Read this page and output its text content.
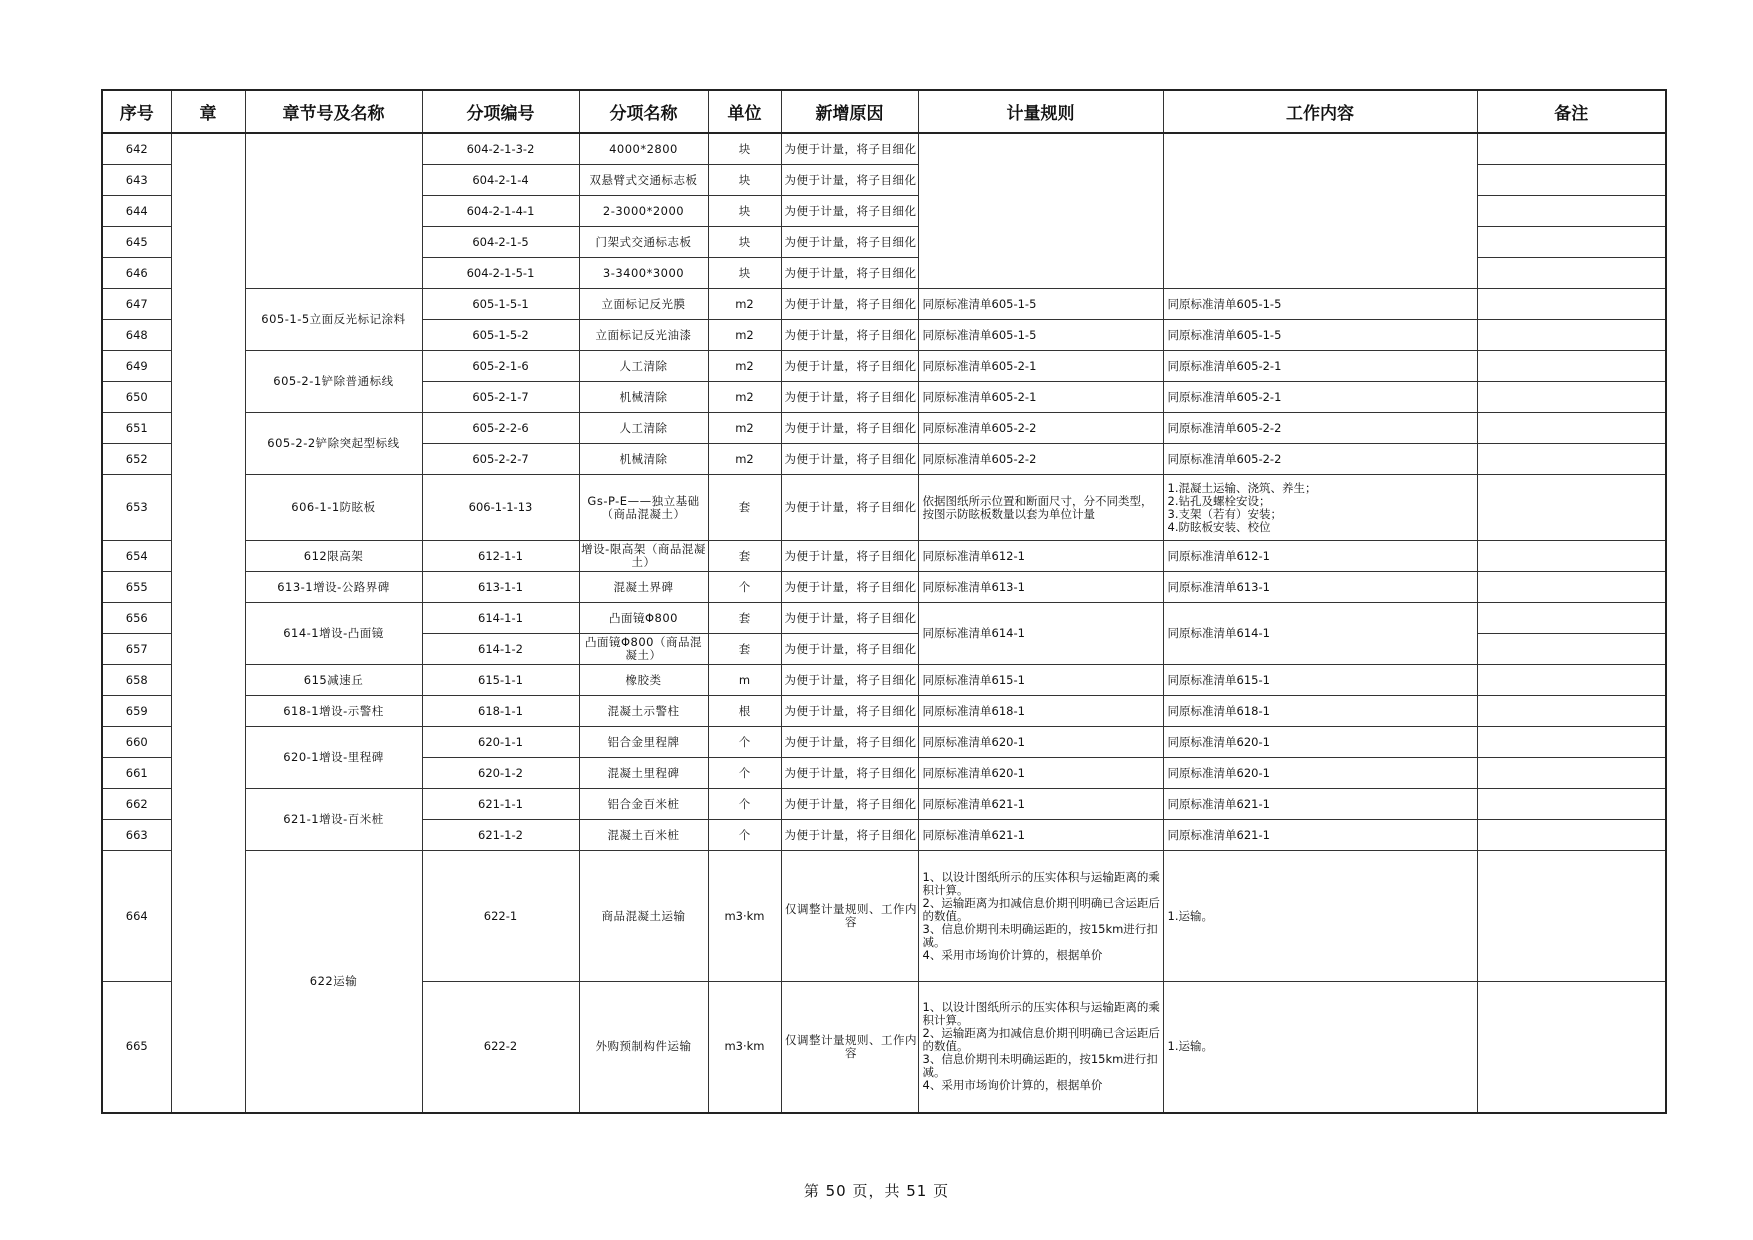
序号	章	章节号及名称	分项编号	分项名称	单位	新增原因	计量规则	工作内容	备注
642			604-2-1-3-2	4000*2800	块	为便于计量，将子目细化			

643			604-2-1-4	双悬臂式交通标志板	块	为便于计量，将子目细化			

644			604-2-1-4-1	2-3000*2000	块	为便于计量，将子目细化			

645			604-2-1-5	门架式交通标志板	块	为便于计量，将子目细化			

646			604-2-1-5-1	3-3400*3000	块	为便于计量，将子目细化			

647		605-1-5立面反光标记涂料	605-1-5-1	立面标记反光膜	m2	为便于计量，将子目细化	同原标准清单605-1-5	同原标准清单605-1-5	
648			605-1-5-2	立面标记反光油漆	m2	为便于计量，将子目细化	同原标准清单605-1-5	同原标准清单605-1-5	
649		605-2-1铲除普通标线	605-2-1-6	人工清除	m2	为便于计量，将子目细化	同原标准清单605-2-1	同原标准清单605-2-1	
650			605-2-1-7	机械清除	m2	为便于计量，将子目细化	同原标准清单605-2-1	同原标准清单605-2-1	
651		605-2-2铲除突起型标线	605-2-2-6	人工清除	m2	为便于计量，将子目细化	同原标准清单605-2-2	同原标准清单605-2-2	
652			605-2-2-7	机械清除	m2	为便于计量，将子目细化	同原标准清单605-2-2	同原标准清单605-2-2	
653		606-1-1防眩板	606-1-1-13	Gs-P-E——独立基础（商品混凝土）	套	为便于计量，将子目细化	依据图纸所示位置和断面尺寸，分不同类型，按图示防眩板数量以套为单位计量	1.混凝土运输、浇筑、养生；
2.钻孔及螺栓安设；
3.支架（若有）安装；
4.防眩板安装、校位	

654		612限高架	612-1-1	增设-限高架（商品混凝土）	套	为便于计量，将子目细化	同原标准清单612-1	同原标准清单612-1	
655		613-1增设-公路界碑	613-1-1	混凝土界碑	个	为便于计量，将子目细化	同原标准清单613-1	同原标准清单613-1	
656		614-1增设-凸面镜	614-1-1	凸面镜Φ800	套	为便于计量，将子目细化	同原标准清单614-1	同原标准清单614-1	
657			614-1-2	凸面镜Φ800（商品混凝土）	套	为便于计量，将子目细化			

658		615减速丘	615-1-1	橡胶类	m	为便于计量，将子目细化	同原标准清单615-1	同原标准清单615-1	
659		618-1增设-示警柱	618-1-1	混凝土示警柱	根	为便于计量，将子目细化	同原标准清单618-1	同原标准清单618-1	
660		620-1增设-里程碑	620-1-1	铝合金里程牌	个	为便于计量，将子目细化	同原标准清单620-1	同原标准清单620-1	
661			620-1-2	混凝土里程碑	个	为便于计量，将子目细化	同原标准清单620-1	同原标准清单620-1	
662		621-1增设-百米桩	621-1-1	铝合金百米桩	个	为便于计量，将子目细化	同原标准清单621-1	同原标准清单621-1	
663			621-1-2	混凝土百米桩	个	为便于计量，将子目细化	同原标准清单621-1	同原标准清单621-1	
664		622运输	622-1	商品混凝土运输	m3·km	仅调整计量规则、工作内容	1、以设计图纸所示的压实体积与运输距离的乘积计算。
2、运输距离为扣减信息价期刊明确已含运距后的数值。
3、信息价期刊未明确运距的，按15km进行扣减。
4、采用市场询价计算的，根据单价	1.运输。	
665			622-2	外购预制构件运输	m3·km	仅调整计量规则、工作内容	1、以设计图纸所示的压实体积与运输距离的乘积计算。
2、运输距离为扣减信息价期刊明确已含运距后的数值。
3、信息价期刊未明确运距的，按15km进行扣减。
4、采用市场询价计算的，根据单价	1.运输。	
第 50 页，共 51 页
